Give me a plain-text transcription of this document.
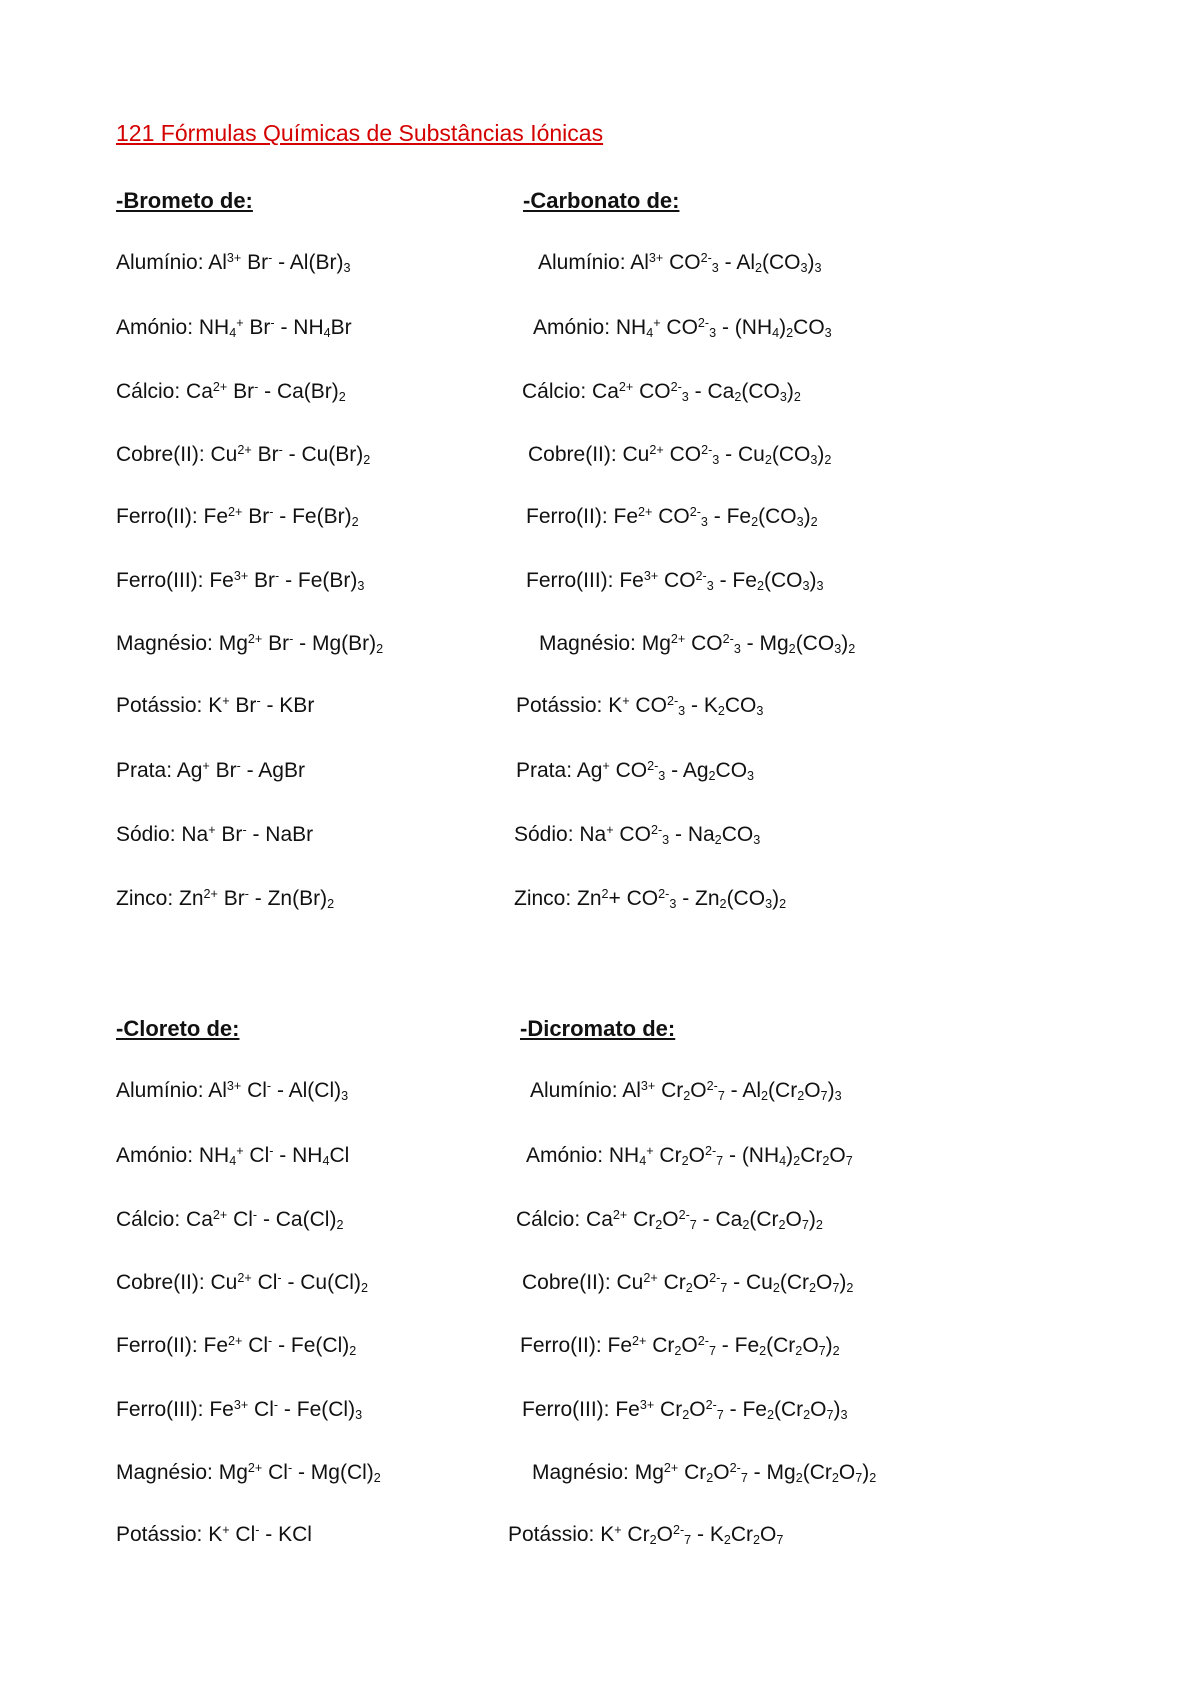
121 Fórmulas Químicas de Substâncias Iónicas
-Brometo de:	-Carbonato de:
-Cloreto de:	-Dicromato de:
Alumínio: $Al^{3+}$ $Br^- - Al(Br)_3$
Amónio: $NH_4^+$ $Br^- - NH_4Br$
Cálcio: $Ca^{2+}$ $Br^- - Ca(Br)_2$
Cobre(II): $Cu^{2+}$ $Br^- - Cu(Br)_2$
Ferro(II): $Fe^{2+}$ $Br^- - Fe(Br)_2$
Ferro(III): $Fe^{3+}$ $Br^- - Fe(Br)_3$
Magnésio: $Mg^{2+}$ $Br^- - Mg(Br)_2$
Potássio: K+ Br- - KBr
Prata: Ag+ Br- - AgBr
Sódio: Na+ Br- - NaBr
Zinco: $Zn^{2+}$ $Br^- - Zn(Br)_2$
Alumínio: $Al^{3+}$ $CO^{2-}_3 - Al_2(CO_3)_3$
Amónio: $NH_4^+$ $CO^{2-}_3 - (NH_4)_2CO_3$
Cálcio: $Ca^{2+}$ $CO^{2-}_3 - Ca_2(CO_3)_2$
Cobre(II): $Cu^{2+}$ $CO^{2-}_3 - Cu_2(CO_3)_2$
Ferro(II): $Fe^{2+}$ $CO^{2-}_3 - Fe_2(CO_3)_2$
Ferro(III): $Fe^{3+}$ $CO^{2-}_3 - Fe_2(CO_3)_3$
Magnésio: $Mg^{2+}$ $CO^{2-}_3 - Mg_2(CO_3)_2$
Potássio: K+ $CO^{2-}_3 - K_2CO_3$
Prata: Ag+ $CO^{2-}_3 - Ag_2CO_3$
Sódio: Na+ $CO^{2-}_3 - Na_2CO_3$
Zinco: $Zn^2+ CO^{2-}_3 - Zn_2(CO_3)_2$
Alumínio: $Al^{3+}$ $Cl^- - Al(Cl)_3$
Amónio: $NH_4^+$ $Cl^- - NH_4Cl$
Cálcio: $Ca^{2+}$ $Cl^- - Ca(Cl)_2$
Cobre(II): $Cu^{2+}$ $Cl^- - Cu(Cl)_2$
Ferro(II): $Fe^{2+}$ $Cl^- - Fe(Cl)_2$
Ferro(III): $Fe^{3+}$ $Cl^- - Fe(Cl)_3$
Magnésio: $Mg^{2+}$ $Cl^- - Mg(Cl)_2$
Potássio: K+ Cl- - KCl
Alumínio: $Al^{3+}$ $Cr_2O^{2-}_7 - Al_2(Cr_2O_7)_3$
Amónio: $NH_4^+$ $Cr_2O^{2-}_7 - (NH_4)_2Cr_2O_7$
Cálcio: $Ca^{2+}$ $Cr_2O^{2-}_7 - Ca_2(Cr_2O_7)_2$
Cobre(II): $Cu^{2+}$ $Cr_2O^{2-}_7 - Cu_2(Cr_2O_7)_2$
Ferro(II): $Fe^{2+}$ $Cr_2O^{2-}_7 - Fe_2(Cr_2O_7)_2$
Ferro(III): $Fe^{3+}$ $Cr_2O^{2-}_7 - Fe_2(Cr_2O_7)_3$
Magnésio: $Mg^{2+}$ $Cr_2O^{2-}_7 - Mg_2(Cr_2O_7)_2$
Potássio: K+ $Cr_2O^{2-}_7 - K_2Cr_2O_7$
